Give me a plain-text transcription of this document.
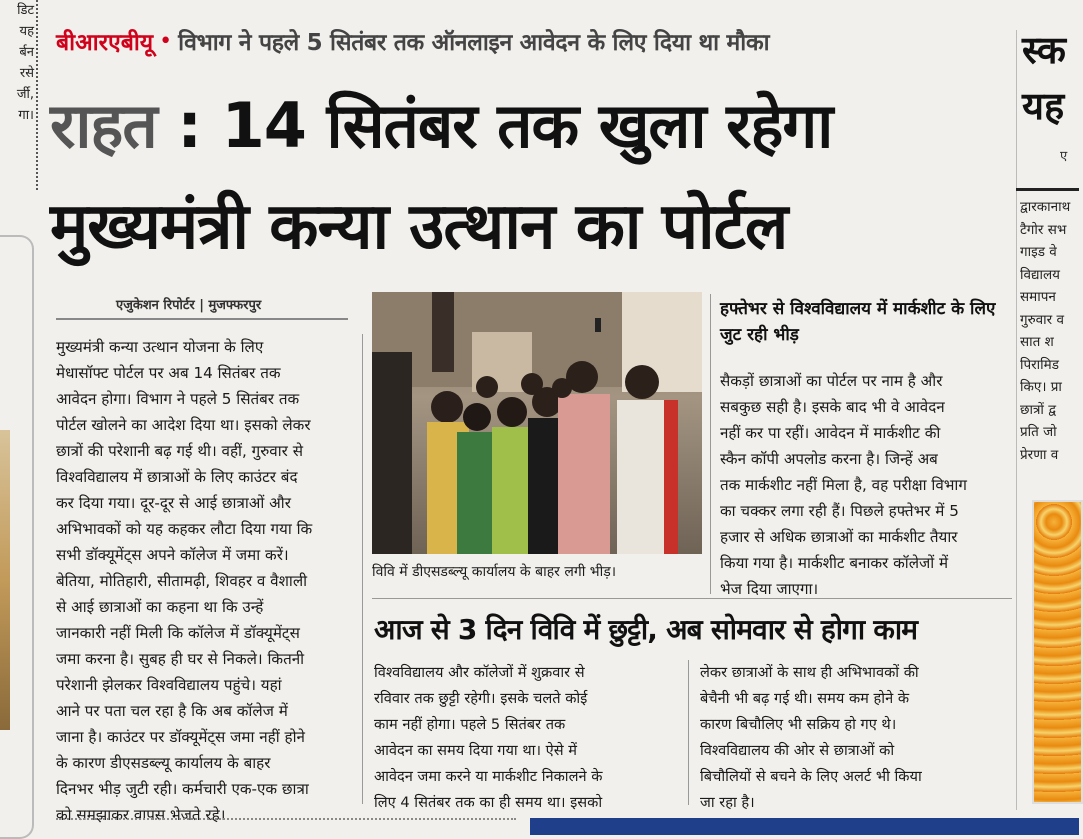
डिट
यह
र्बन
रसे
र्जी,
गा।
बीआरएबीयू • विभाग ने पहले 5 सितंबर तक ऑनलाइन आवेदन के लिए दिया था मौका
राहत : 14 सितंबर तक खुला रहेगा
मुख्यमंत्री कन्या उत्थान का पोर्टल
एजुकेशन रिपोर्टर | मुजफ्फरपुर
मुख्यमंत्री कन्या उत्थान योजना के लिए
मेधासॉफ्ट पोर्टल पर अब 14 सितंबर तक
आवेदन होगा। विभाग ने पहले 5 सितंबर तक
पोर्टल खोलने का आदेश दिया था। इसको लेकर
छात्रों की परेशानी बढ़ गई थी। वहीं, गुरुवार से
विश्वविद्यालय में छात्राओं के लिए काउंटर बंद
कर दिया गया। दूर-दूर से आई छात्राओं और
अभिभावकों को यह कहकर लौटा दिया गया कि
सभी डॉक्यूमेंट्स अपने कॉलेज में जमा करें।
बेतिया, मोतिहारी, सीतामढ़ी, शिवहर व वैशाली
से आई छात्राओं का कहना था कि उन्हें
जानकारी नहीं मिली कि कॉलेज में डॉक्यूमेंट्स
जमा करना है। सुबह ही घर से निकले। कितनी
परेशानी झेलकर विश्वविद्यालय पहुंचे। यहां
आने पर पता चल रहा है कि अब कॉलेज में
जाना है। काउंटर पर डॉक्यूमेंट्स जमा नहीं होने
के कारण डीएसडब्ल्यू कार्यालय के बाहर
दिनभर भीड़ जुटी रही। कर्मचारी एक-एक छात्रा
को समझाकर वापस भेजते रहे।
विवि में डीएसडब्ल्यू कार्यालय के बाहर लगी भीड़।
हफ्तेभर से विश्वविद्यालय में मार्कशीट के लिए जुट रही भीड़
सैकड़ों छात्राओं का पोर्टल पर नाम है और
सबकुछ सही है। इसके बाद भी वे आवेदन
नहीं कर पा रहीं। आवेदन में मार्कशीट की
स्कैन कॉपी अपलोड करना है। जिन्हें अब
तक मार्कशीट नहीं मिला है, वह परीक्षा विभाग
का चक्कर लगा रही हैं। पिछले हफ्तेभर में 5
हजार से अधिक छात्राओं का मार्कशीट तैयार
किया गया है। मार्कशीट बनाकर कॉलेजों में
भेज दिया जाएगा।
आज से 3 दिन विवि में छुट्टी, अब सोमवार से होगा काम
विश्वविद्यालय और कॉलेजों में शुक्रवार से
रविवार तक छुट्टी रहेगी। इसके चलते कोई
काम नहीं होगा। पहले 5 सितंबर तक
आवेदन का समय दिया गया था। ऐसे में
आवेदन जमा करने या मार्कशीट निकालने के
लिए 4 सितंबर तक का ही समय था। इसको
लेकर छात्राओं के साथ ही अभिभावकों की
बेचैनी भी बढ़ गई थी। समय कम होने के
कारण बिचौलिए भी सक्रिय हो गए थे।
विश्वविद्यालय की ओर से छात्राओं को
बिचौलियों से बचने के लिए अलर्ट भी किया
जा रहा है।
स्क
यह
ए
द्वारकानाथ
टैगोर सभ
गाइड वे
विद्यालय
समापन
गुरुवार व
सात श
पिरामिड
किए। प्रा
छात्रों द्व
प्रति जो
प्रेरणा व
